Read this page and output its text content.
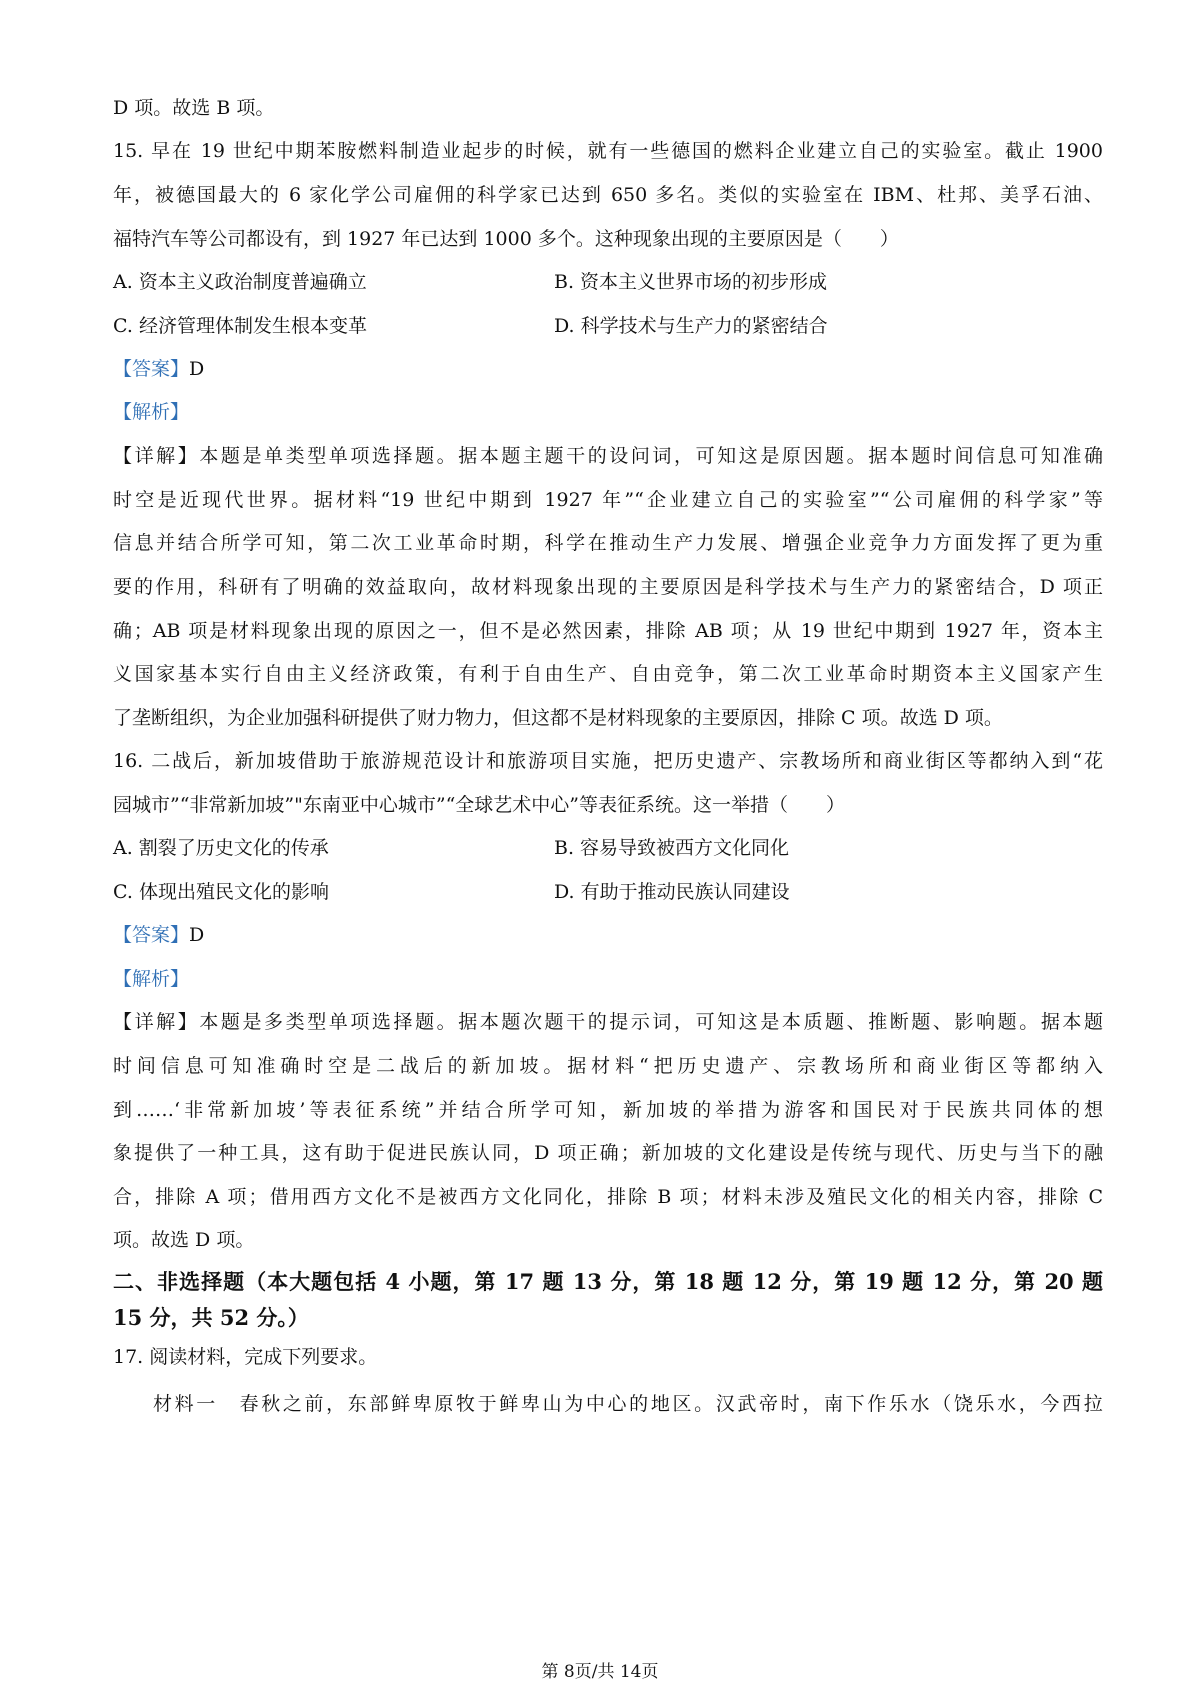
D 项。故选 B 项。
15. 早在 19 世纪中期苯胺燃料制造业起步的时候，就有一些德国的燃料企业建立自己的实验室。截止 1900
年，被德国最大的 6 家化学公司雇佣的科学家已达到 650 多名。类似的实验室在 IBM、杜邦、美孚石油、
福特汽车等公司都设有，到 1927 年已达到 1000 多个。这种现象出现的主要原因是（　　）
A. 资本主义政治制度普遍确立	B. 资本主义世界市场的初步形成
C. 经济管理体制发生根本变革	D. 科学技术与生产力的紧密结合
【答案】D
【解析】
【详解】本题是单类型单项选择题。据本题主题干的设问词，可知这是原因题。据本题时间信息可知准确
时空是近现代世界。据材料“19 世纪中期到 1927 年”“企业建立自己的实验室”“公司雇佣的科学家”等
信息并结合所学可知，第二次工业革命时期，科学在推动生产力发展、增强企业竞争力方面发挥了更为重
要的作用，科研有了明确的效益取向，故材料现象出现的主要原因是科学技术与生产力的紧密结合，D 项正
确；AB 项是材料现象出现的原因之一，但不是必然因素，排除 AB 项；从 19 世纪中期到 1927 年，资本主
义国家基本实行自由主义经济政策，有利于自由生产、自由竞争，第二次工业革命时期资本主义国家产生
了垄断组织，为企业加强科研提供了财力物力，但这都不是材料现象的主要原因，排除 C 项。故选 D 项。
16. 二战后，新加坡借助于旅游规范设计和旅游项目实施，把历史遗产、宗教场所和商业街区等都纳入到“花
园城市”“非常新加坡”"东南亚中心城市”“全球艺术中心”等表征系统。这一举措（　　）
A. 割裂了历史文化的传承	B. 容易导致被西方文化同化
C. 体现出殖民文化的影响	D. 有助于推动民族认同建设
【答案】D
【解析】
【详解】本题是多类型单项选择题。据本题次题干的提示词，可知这是本质题、推断题、影响题。据本题
时间信息可知准确时空是二战后的新加坡。据材料“把历史遗产、宗教场所和商业街区等都纳入
到……‘非常新加坡’等表征系统”并结合所学可知，新加坡的举措为游客和国民对于民族共同体的想
象提供了一种工具，这有助于促进民族认同，D 项正确；新加坡的文化建设是传统与现代、历史与当下的融
合，排除 A 项；借用西方文化不是被西方文化同化，排除 B 项；材料未涉及殖民文化的相关内容，排除 C
项。故选 D 项。
二、非选择题（本大题包括 4 小题，第 17 题 13 分，第 18 题 12 分，第 19 题 12 分，第 20 题
15 分，共 52 分。）
17. 阅读材料，完成下列要求。
材料一　春秋之前，东部鲜卑原牧于鲜卑山为中心的地区。汉武帝时，南下作乐水（饶乐水，今西拉
第 8页/共 14页
